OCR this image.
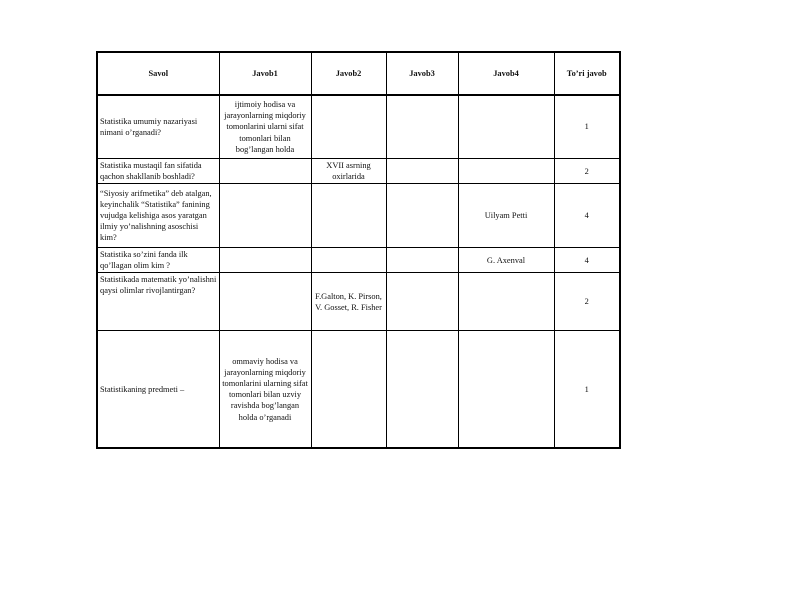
Savol	Javob1	Javob2	Javob3	Javob4	To’ri javob
Statistika umumiy nazariyasi nimani o’rganadi?	ijtimoiy hodisa va jarayonlarning miqdoriy tomonlarini ularni sifat tomonlari bilan bog’langan holda				1
Statistika mustaqil fan sifatida qachon shakllanib boshladi?		XVII asrning oxirlarida			2
“Siyosiy arifmetika” deb atalgan, keyinchalik “Statistika” fanining vujudga kelishiga asos yaratgan ilmiy yo’nalishning asoschisi kim?				Uilyam Petti	4
Statistika so’zini fanda ilk qo’llagan olim kim ?				G. Axenval	4
Statistikada matematik yo’nalishni qaysi olimlar rivojlantirgan?		F.Galton, K. Pirson, V. Gosset, R. Fisher			2
Statistikaning predmeti –	ommaviy hodisa va jarayonlarning miqdoriy tomonlarini ularning sifat tomonlari bilan uzviy ravishda bog’langan holda o’rganadi				1
